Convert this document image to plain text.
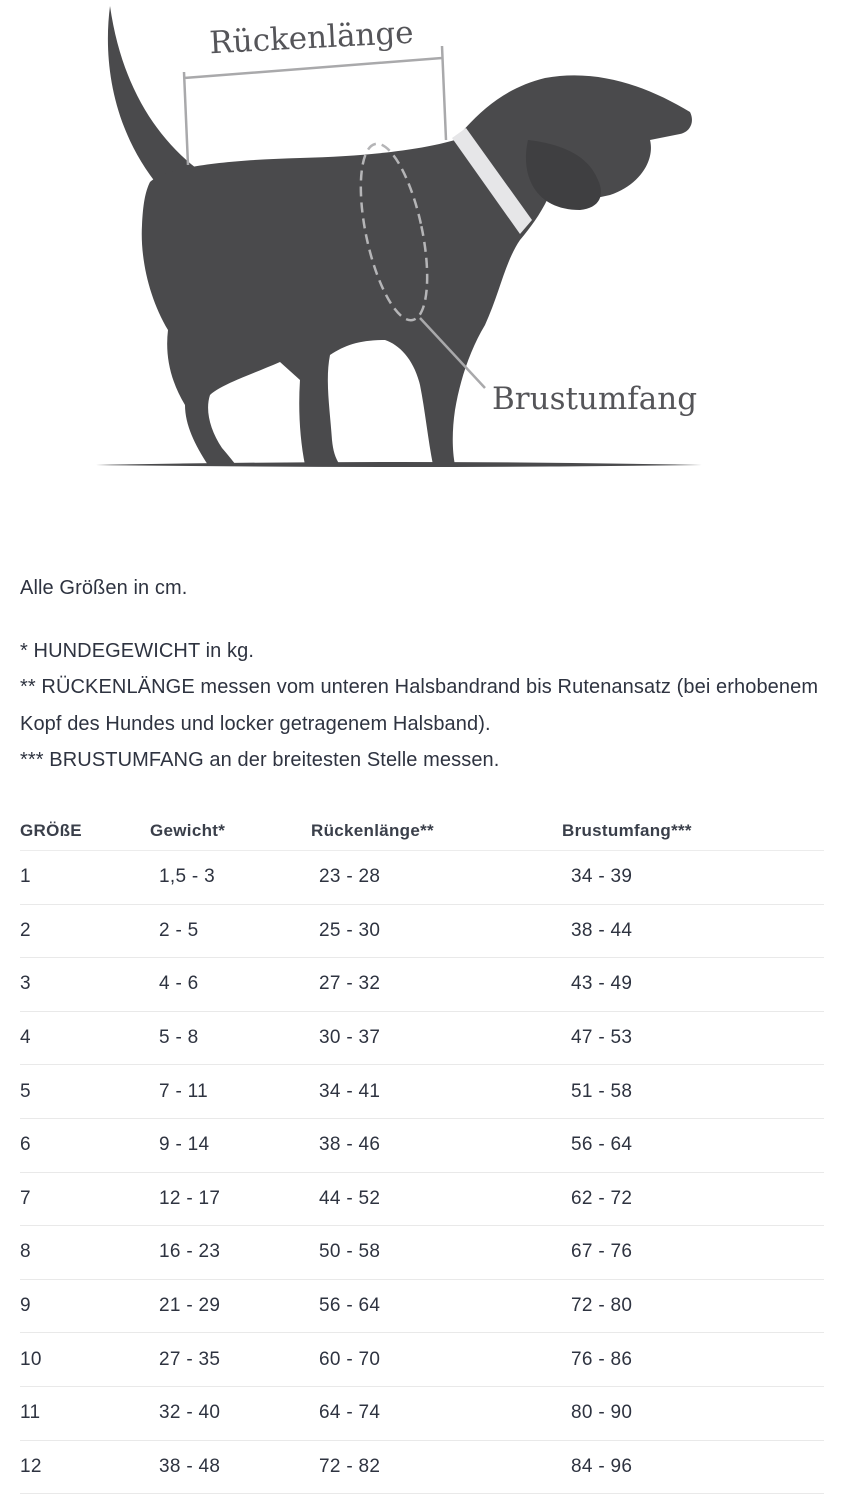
Rückenlänge
Brustumfang

Alle Größen in cm.

* HUNDEGEWICHT in kg.

** RÜCKENLÄNGE messen vom unteren Halsbandrand bis Rutenansatz (bei erhobenem Kopf des Hundes und locker getragenem Halsband).

*** BRUSTUMFANG an der breitesten Stelle messen.

GRÖßE	Gewicht*	Rückenlänge**	Brustumfang***
1	1,5 - 3	23 - 28	34 - 39
2	2 - 5	25 - 30	38 - 44
3	4 - 6	27 - 32	43 - 49
4	5 - 8	30 - 37	47 - 53
5	7 - 11	34 - 41	51 - 58
6	9 - 14	38 - 46	56 - 64
7	12 - 17	44 - 52	62 - 72
8	16 - 23	50 - 58	67 - 76
9	21 - 29	56 - 64	72 - 80
10	27 - 35	60 - 70	76 - 86
11	32 - 40	64 - 74	80 - 90
12	38 - 48	72 - 82	84 - 96
